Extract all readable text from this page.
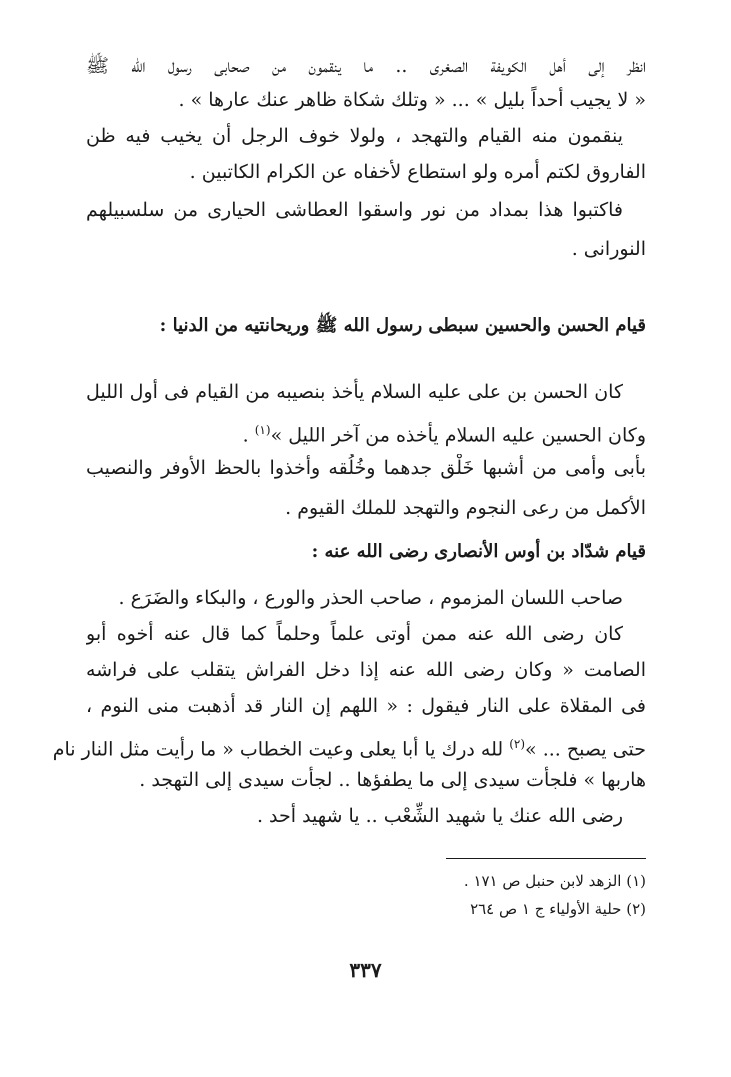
انظر إلى أهل الكويفة الصغرى .. ما ينقمون من صحابى رسول الله ﷺ
« لا يجيب أحداً بليل » ... « وتلك شكاة ظاهر عنك عارها » .
ينقمون منه القيام والتهجد ، ولولا خوف الرجل أن يخيب فيه ظن
الفاروق لكتم أمره ولو استطاع لأخفاه عن الكرام الكاتبين .
فاكتبوا هذا بمداد من نور واسقوا العطاشى الحيارى من سلسبيلهم
النورانى .
قيام الحسن والحسين سبطى رسول الله ﷺ وريحانتيه من الدنيا :
كان الحسن بن على عليه السلام يأخذ بنصيبه من القيام فى أول الليل
وكان الحسين عليه السلام يأخذه من آخر الليل »$^{(١)}$ .
بأبى وأمى من أشبها خَلْق جدهما وخُلُقه وأخذوا بالحظ الأوفر والنصيب
الأكمل من رعى النجوم والتهجد للملك القيوم .
قيام شدّاد بن أوس الأنصارى رضى الله عنه :
صاحب اللسان المزموم ، صاحب الحذر والورع ، والبكاء والضَرَع .
كان رضى الله عنه ممن أوتى علماً وحلماً كما قال عنه أخوه أبو
الصامت « وكان رضى الله عنه إذا دخل الفراش يتقلب على فراشه
فى المقلاة على النار فيقول : « اللهم إن النار قد أذهبت منى النوم ،
حتى يصبح ... »$^{(٢)}$ لله درك يا أبا يعلى وعيت الخطاب « ما رأيت مثل النار نام
هاربها » فلجأت سيدى إلى ما يطفؤها .. لجأت سيدى إلى التهجد .
رضى الله عنك يا شهيد الشِّعْب .. يا شهيد أحد .
(١) الزهد لابن حنبل ص ١٧١ .
(٢) حلية الأولياء ج ١ ص ٢٦٤
٣٣٧
